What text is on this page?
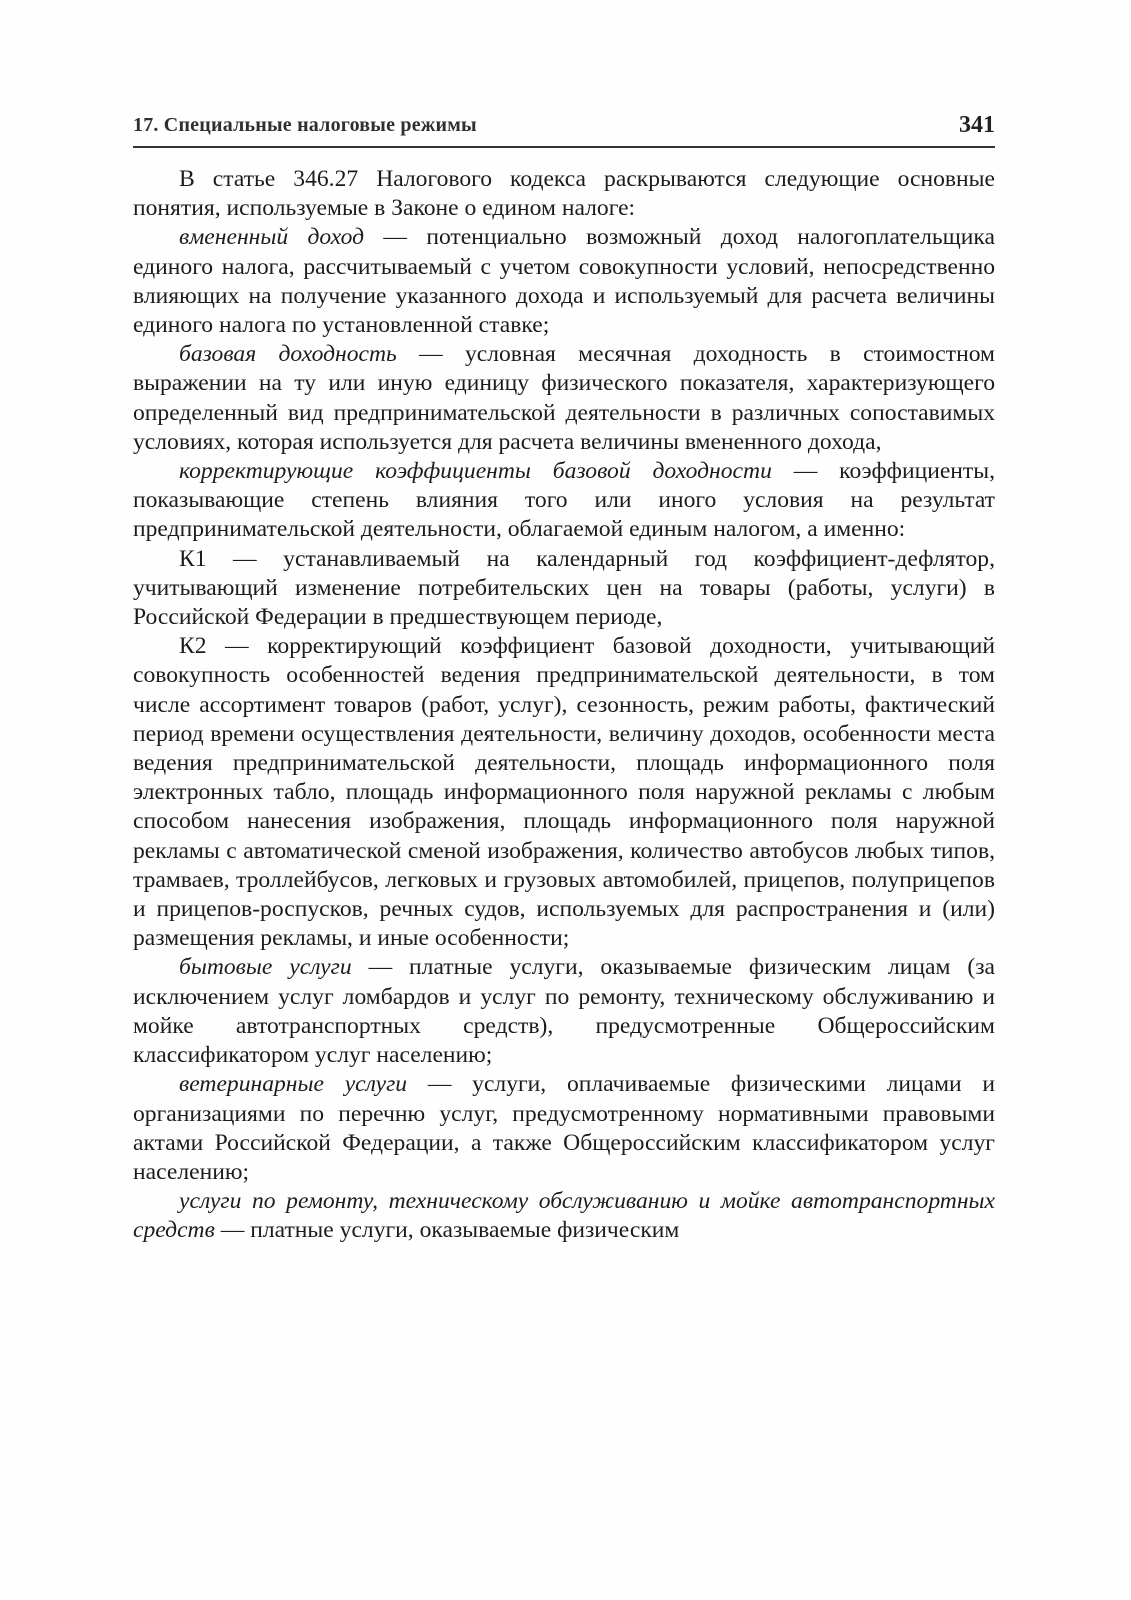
17. Специальные налоговые режимы	341

В статье 346.27 Налогового кодекса раскрываются следующие основные понятия, используемые в Законе о едином налоге:

вмененный доход — потенциально возможный доход налогоплательщика единого налога, рассчитываемый с учетом совокупности условий, непосредственно влияющих на получение указанного дохода и используемый для расчета величины единого налога по установленной ставке;

базовая доходность — условная месячная доходность в стоимостном выражении на ту или иную единицу физического показателя, характеризующего определенный вид предпринимательской деятельности в различных сопоставимых условиях, которая используется для расчета величины вмененного дохода,

корректирующие коэффициенты базовой доходности — коэффициенты, показывающие степень влияния того или иного условия на результат предпринимательской деятельности, облагаемой единым налогом, а именно:

К1 — устанавливаемый на календарный год коэффициент-дефлятор, учитывающий изменение потребительских цен на товары (работы, услуги) в Российской Федерации в предшествующем периоде,

К2 — корректирующий коэффициент базовой доходности, учитывающий совокупность особенностей ведения предпринимательской деятельности, в том числе ассортимент товаров (работ, услуг), сезонность, режим работы, фактический период времени осуществления деятельности, величину доходов, особенности места ведения предпринимательской деятельности, площадь информационного поля электронных табло, площадь информационного поля наружной рекламы с любым способом нанесения изображения, площадь информационного поля наружной рекламы с автоматической сменой изображения, количество автобусов любых типов, трамваев, троллейбусов, легковых и грузовых автомобилей, прицепов, полуприцепов и прицепов-роспусков, речных судов, используемых для распространения и (или) размещения рекламы, и иные особенности;

бытовые услуги — платные услуги, оказываемые физическим лицам (за исключением услуг ломбардов и услуг по ремонту, техническому обслуживанию и мойке автотранспортных средств), предусмотренные Общероссийским классификатором услуг населению;

ветеринарные услуги — услуги, оплачиваемые физическими лицами и организациями по перечню услуг, предусмотренному нормативными правовыми актами Российской Федерации, а также Общероссийским классификатором услуг населению;

услуги по ремонту, техническому обслуживанию и мойке автотранспортных средств — платные услуги, оказываемые физическим
